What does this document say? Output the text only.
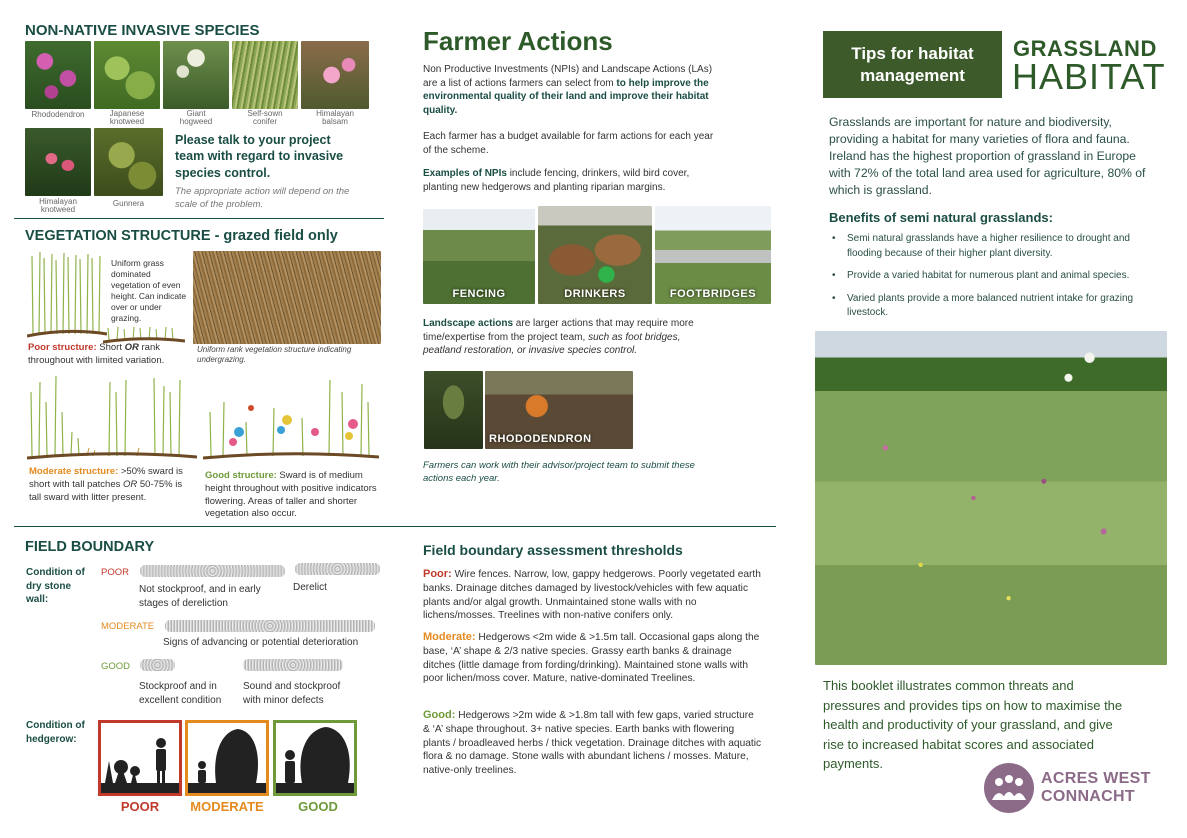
NON-NATIVE INVASIVE SPECIES
Rhododendron	Japanese knotweed
Giant hogweed
Self-sown conifer
Himalayan balsam
Himalayan knotweed
Gunnera
Please talk to your project team with regard to invasive species control.
The appropriate action will depend on the scale of the problem.
VEGETATION STRUCTURE - grazed field only
Uniform grass dominated vegetation of even height. Can indicate over or under grazing.
Uniform rank vegetation structure indicating undergrazing.
Poor structure: Short OR rank throughout with limited variation.
Moderate structure: >50% sward is short with tall patches OR 50-75% is tall sward with litter present.
Good structure: Sward is of medium height throughout with positive indicators flowering. Areas of taller and shorter vegetation also occur.
FIELD BOUNDARY
Condition of dry stone wall:
POOR
Not stockproof, and in early stages of dereliction
Derelict
MODERATE
Signs of advancing or potential deterioration
GOOD
Stockproof and in excellent condition
Sound and stockproof with minor defects
Condition of hedgerow:
POOR	MODERATE	GOOD
Farmer Actions
Non Productive Investments (NPIs) and Landscape Actions (LAs) are a list of actions farmers can select from to help improve the environmental quality of their land and improve their habitat quality.
Each farmer has a budget available for farm actions for each year of the scheme.
Examples of NPIs include fencing, drinkers, wild bird cover, planting new hedgerows and planting riparian margins.
FENCING	DRINKERS	FOOTBRIDGES
Landscape actions are larger actions that may require more time/expertise from the project team, such as foot bridges, peatland restoration, or invasive species control.
RHODODENDRON
Farmers can work with their advisor/project team to submit these actions each year.
Field boundary assessment thresholds
Poor: Wire fences. Narrow, low, gappy hedgerows. Poorly vegetated earth banks. Drainage ditches damaged by livestock/vehicles with few aquatic plants and/or algal growth. Unmaintained stone walls with no lichens/mosses. Treelines with non-native conifers only.
Moderate: Hedgerows <2m wide & >1.5m tall. Occasional gaps along the base, ‘A’ shape & 2/3 native species. Grassy earth banks & drainage ditches (little damage from fording/drinking). Maintained stone walls with poor lichen/moss cover. Mature, native-dominated Treelines.
Good: Hedgerows >2m wide & >1.8m tall with few gaps, varied structure & ‘A’ shape throughout. 3+ native species. Earth banks with flowering plants / broadleaved herbs / thick vegetation. Drainage ditches with aquatic flora & no damage. Stone walls with abundant lichens / mosses. Mature, native-only treelines.
Tips for habitat
management
GRASSLAND
HABITAT
Grasslands are important for nature and biodiversity, providing a habitat for many varieties of flora and fauna. Ireland has the highest proportion of grassland in Europe with 72% of the total land area used for agriculture, 80% of which is grassland.
Benefits of semi natural grasslands:
• Semi natural grasslands have a higher resilience to drought and flooding because of their higher plant diversity.
• Provide a varied habitat for numerous plant and animal species.
• Varied plants provide a more balanced nutrient intake for grazing livestock.
This booklet illustrates common threats and pressures and provides tips on how to maximise the health and productivity of your grassland, and give rise to increased habitat scores and associated payments.
ACRES WEST
CONNACHT
